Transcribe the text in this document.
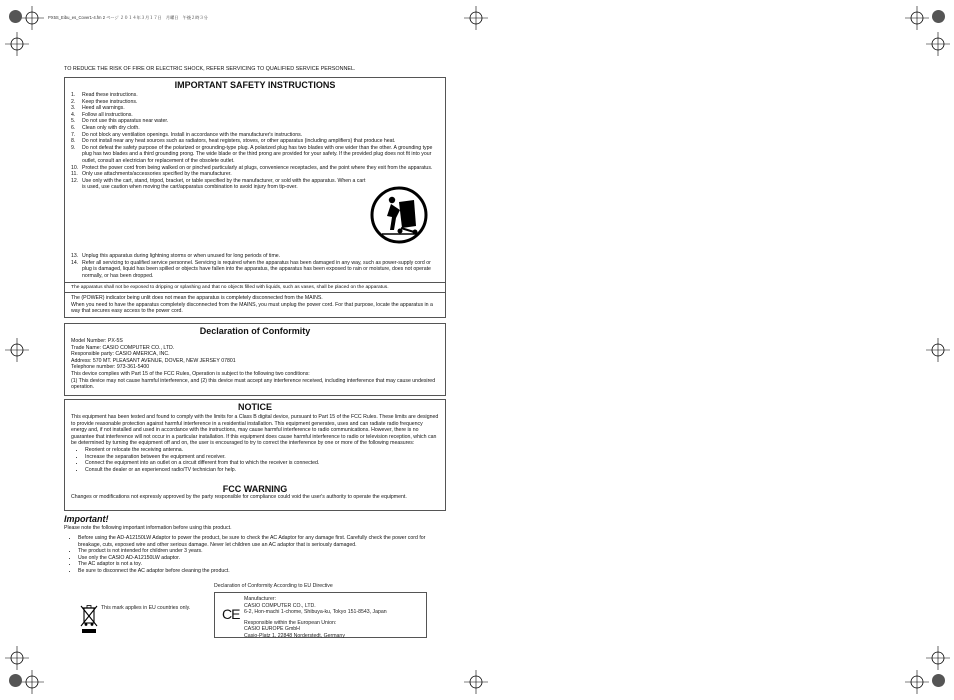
PX5S_Eibu_es_Cover1-4.fm 2 ページ ２０１４年３月１７日　月曜日　午後２時３分
TO REDUCE THE RISK OF FIRE OR ELECTRIC SHOCK, REFER SERVICING TO QUALIFIED SERVICE PERSONNEL.
IMPORTANT SAFETY INSTRUCTIONS
1. Read these instructions.
2. Keep these instructions.
3. Heed all warnings.
4. Follow all instructions.
5. Do not use this apparatus near water.
6. Clean only with dry cloth.
7. Do not block any ventilation openings. Install in accordance with the manufacturer's instructions.
8. Do not install near any heat sources such as radiators, heat registers, stoves, or other apparatus (including amplifiers) that produce heat.
9. Do not defeat the safety purpose of the polarized or grounding-type plug. A polarized plug has two blades with one wider than the other. A grounding type plug has two blades and a third grounding prong. The wide blade or the third prong are provided for your safety. If the provided plug does not fit into your outlet, consult an electrician for replacement of the obsolete outlet.
10. Protect the power cord from being walked on or pinched particularly at plugs, convenience receptacles, and the point where they exit from the apparatus.
11. Only use attachments/accessories specified by the manufacturer.
12. Use only with the cart, stand, tripod, bracket, or table specified by the manufacturer, or sold with the apparatus. When a cart is used, use caution when moving the cart/apparatus combination to avoid injury from tip-over.
13. Unplug this apparatus during lightning storms or when unused for long periods of time.
14. Refer all servicing to qualified service personnel. Servicing is required when the apparatus has been damaged in any way, such as power-supply cord or plug is damaged, liquid has been spilled or objects have fallen into the apparatus, the apparatus has been exposed to rain or moisture, does not operate normally, or has been dropped.
The apparatus shall not be exposed to dripping or splashing and that no objects filled with liquids, such as vases, shall be placed on the apparatus.
The (POWER) indicator being unlit does not mean the apparatus is completely disconnected from the MAINS.
When you need to have the apparatus completely disconnected from the MAINS, you must unplug the power cord. For that purpose, locate the apparatus in a way that secures easy access to the power cord.
Declaration of Conformity
Model Number: PX-5S
Trade Name: CASIO COMPUTER CO., LTD.
Responsible party: CASIO AMERICA, INC.
Address: 570 MT. PLEASANT AVENUE, DOVER, NEW JERSEY 07801
Telephone number: 973-361-5400
This device complies with Part 15 of the FCC Rules, Operation is subject to the following two conditions:
(1) This device may not cause harmful interference, and (2) this device must accept any interference received, including interference that may cause undesired operation.
NOTICE
This equipment has been tested and found to comply with the limits for a Class B digital device, pursuant to Part 15 of the FCC Rules. These limits are designed to provide reasonable protection against harmful interference in a residential installation. This equipment generates, uses and can radiate radio frequency energy and, if not installed and used in accordance with the instructions, may cause harmful interference to radio communications. However, there is no guarantee that interference will not occur in a particular installation. If this equipment does cause harmful interference to radio or television reception, which can be determined by turning the equipment off and on, the user is encouraged to try to correct the interference by one or more of the following measures:
• Reorient or relocate the receiving antenna.
• Increase the separation between the equipment and receiver.
• Connect the equipment into an outlet on a circuit different from that to which the receiver is connected.
• Consult the dealer or an experienced radio/TV technician for help.
FCC WARNING
Changes or modifications not expressly approved by the party responsible for compliance could void the user's authority to operate the equipment.
Important!
Please note the following important information before using this product.
• Before using the AD-A12150LW Adaptor to power the product, be sure to check the AC Adaptor for any damage first. Carefully check the power cord for breakage, cuts, exposed wire and other serious damage. Never let children use an AC adaptor that is seriously damaged.
• The product is not intended for children under 3 years.
• Use only the CASIO AD-A12150LW adaptor.
• The AC adaptor is not a toy.
• Be sure to disconnect the AC adaptor before cleaning the product.
This mark applies in EU countries only.
Declaration of Conformity According to EU Directive
CE
Manufacturer:
CASIO COMPUTER CO., LTD.
6-2, Hon-machi 1-chome, Shibuya-ku, Tokyo 151-8543, Japan
Responsible within the European Union:
CASIO EUROPE GmbH
Casio-Platz 1, 22848 Norderstedt, Germany
